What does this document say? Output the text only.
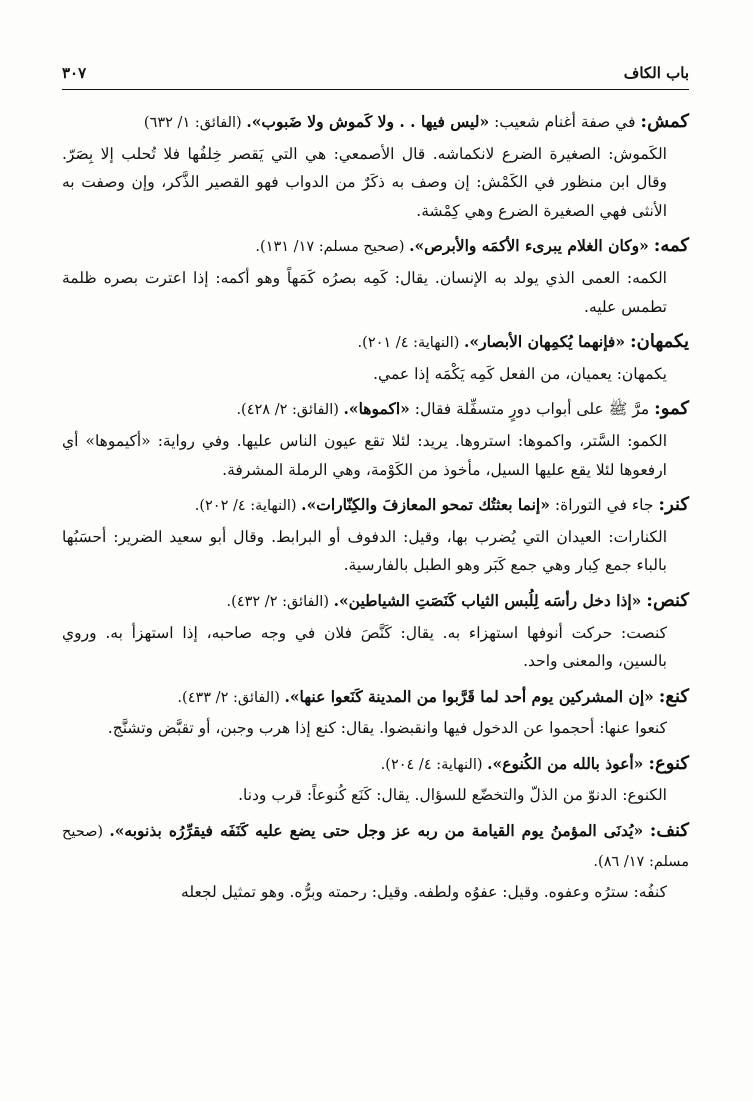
٣٠٧	باب الكاف

كمش: في صفة أغنام شعيب: «ليس فيها . . ولا كَموش ولا ضَبوب». (الفائق: ١/ ٦٣٢)

الكَموش: الصغيرة الضرع لانكماشه. قال الأصمعي: هي التي يَقصر خِلفُها فلا تُحلب إلا بِصَرّ. وقال ابن منظور في الكَمْش: إن وصف به ذكَرٌ من الدواب فهو القصير الذَّكر، وإن وصفت به الأنثى فهي الصغيرة الضرع وهي كِمْشة.

كمه: «وكان الغلام يبرىء الأكمَه والأبرص». (صحيح مسلم: ١٧/ ١٣١).

الكمه: العمى الذي يولد به الإنسان. يقال: كَمِه بصرُه كَمَهاً وهو أكمه: إذا اعترت بصره ظلمة تطمس عليه.

يكمهان: «فإنهما يُكمِهان الأبصار». (النهاية: ٤/ ٢٠١).

يكمهان: يعميان، من الفعل كَمِه يَكْمَه إذا عمي.

كمو: مرَّ ﷺ على أبواب دورٍ متسفِّلة فقال: «اكموها». (الفائق: ٢/ ٤٢٨).

الكمو: السَّتر، واكموها: استروها. يريد: لئلا تقع عيون الناس عليها. وفي رواية: «أكيموها» أي ارفعوها لئلا يقع عليها السيل، مأخوذ من الكَوْمة، وهي الرملة المشرفة.

كنر: جاء في التوراة: «إنما بعثتُك تمحو المعازفَ والكِنّارات». (النهاية: ٤/ ٢٠٢).

الكنارات: العيدان التي يُضرب بها، وقيل: الدفوف أو البرابط. وقال أبو سعيد الضرير: أحسَبُها بالباء جمع كِبار وهي جمع كَبَر وهو الطبل بالفارسية.

كنص: «إذا دخل رأسَه لِلُبس الثياب كَنَصَتِ الشياطين». (الفائق: ٢/ ٤٣٢).

كنصت: حركت أنوفها استهزاء به. يقال: كَنَّصَ فلان في وجه صاحبه، إذا استهزأ به. وروي بالسين، والمعنى واحد.

كنع: «إن المشركين يوم أحد لما قَرَّبوا من المدينة كَنَعوا عنها». (الفائق: ٢/ ٤٣٣).

كنعوا عنها: أحجموا عن الدخول فيها وانقبضوا. يقال: كنع إذا هرب وجبن، أو تقبَّض وتشنَّج.

كنوع: «أعوذ بالله من الكُنوع». (النهاية: ٤/ ٢٠٤).

الكنوع: الدنوّ من الذلّ والتخضّع للسؤال. يقال: كَنَع كُنوعاً: قرب ودنا.

كنف: «يُدنَى المؤمنُ يوم القيامة من ربه عز وجل حتى يضع عليه كَنَفَه فيقرِّرُه بذنوبه». (صحيح مسلم: ١٧/ ٨٦).

كنفُه: سترُه وعفوه. وقيل: عفوُه ولطفه. وقيل: رحمته وبرُّه. وهو تمثيل لجعله
